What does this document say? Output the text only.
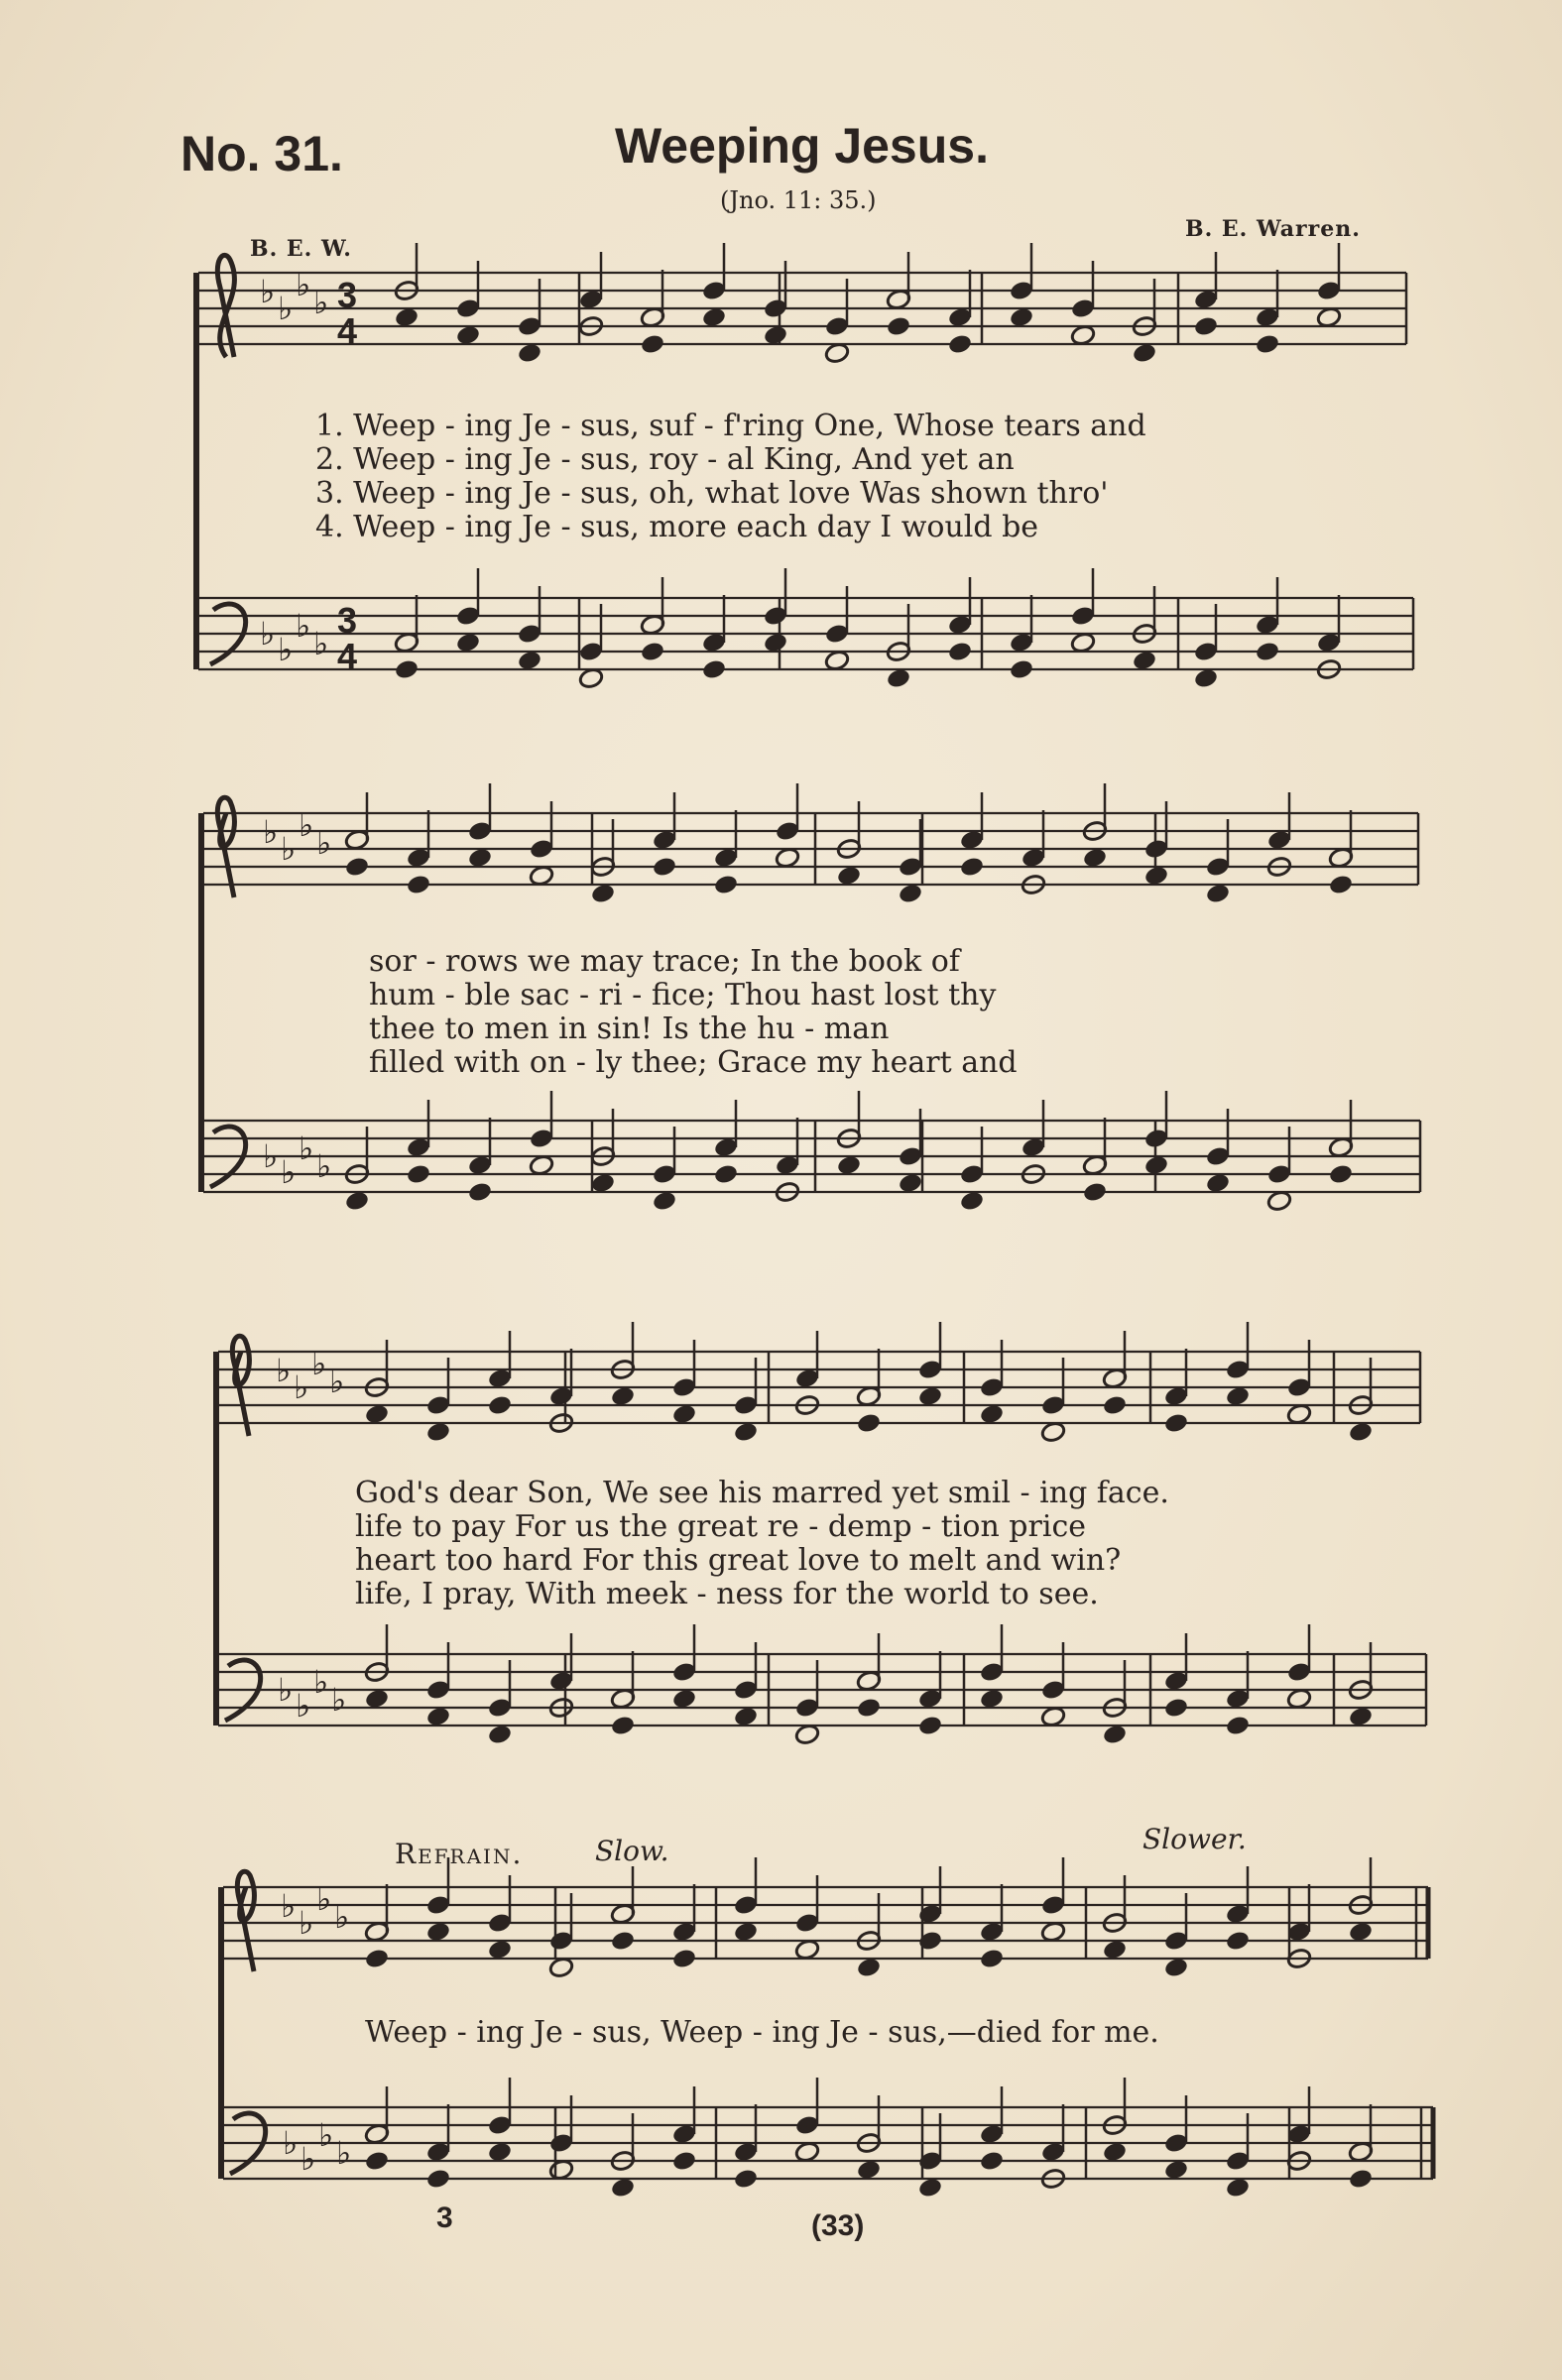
No. 31.	Weeping Jesus.
(Jno. 11: 35.)
B. E. W.
B. E. Warren.
♭ ♭
♭ ♭
♭ ♭
♭ ♭
♭ ♭
♭ ♭
♭ ♭
♭ ♭
♭ ♭
♭ ♭
♭ ♭
♭ ♭
♭ ♭
♭ ♭
♭ ♭
♭ ♭
3
4
3
4
1. Weep - ing Je - sus, suf - f'ring One, Whose tears and
2. Weep - ing Je - sus, roy - al King, And yet an
3. Weep - ing Je - sus, oh, what love Was shown thro'
4. Weep - ing Je - sus, more each day I would be
sor - rows we may trace; In the book of
hum - ble sac - ri - fice; Thou hast lost thy
thee to men in sin! Is the hu - man
filled with on - ly thee; Grace my heart and
God's dear Son, We see his marred yet smil - ing face.
life to pay For us the great re - demp - tion price
heart too hard For this great love to melt and win?
life, I pray, With meek - ness for the world to see.
Refrain.	Slow.	Slower.
Weep - ing Je - sus, Weep - ing Je - sus,—died for me.
3	(33)
